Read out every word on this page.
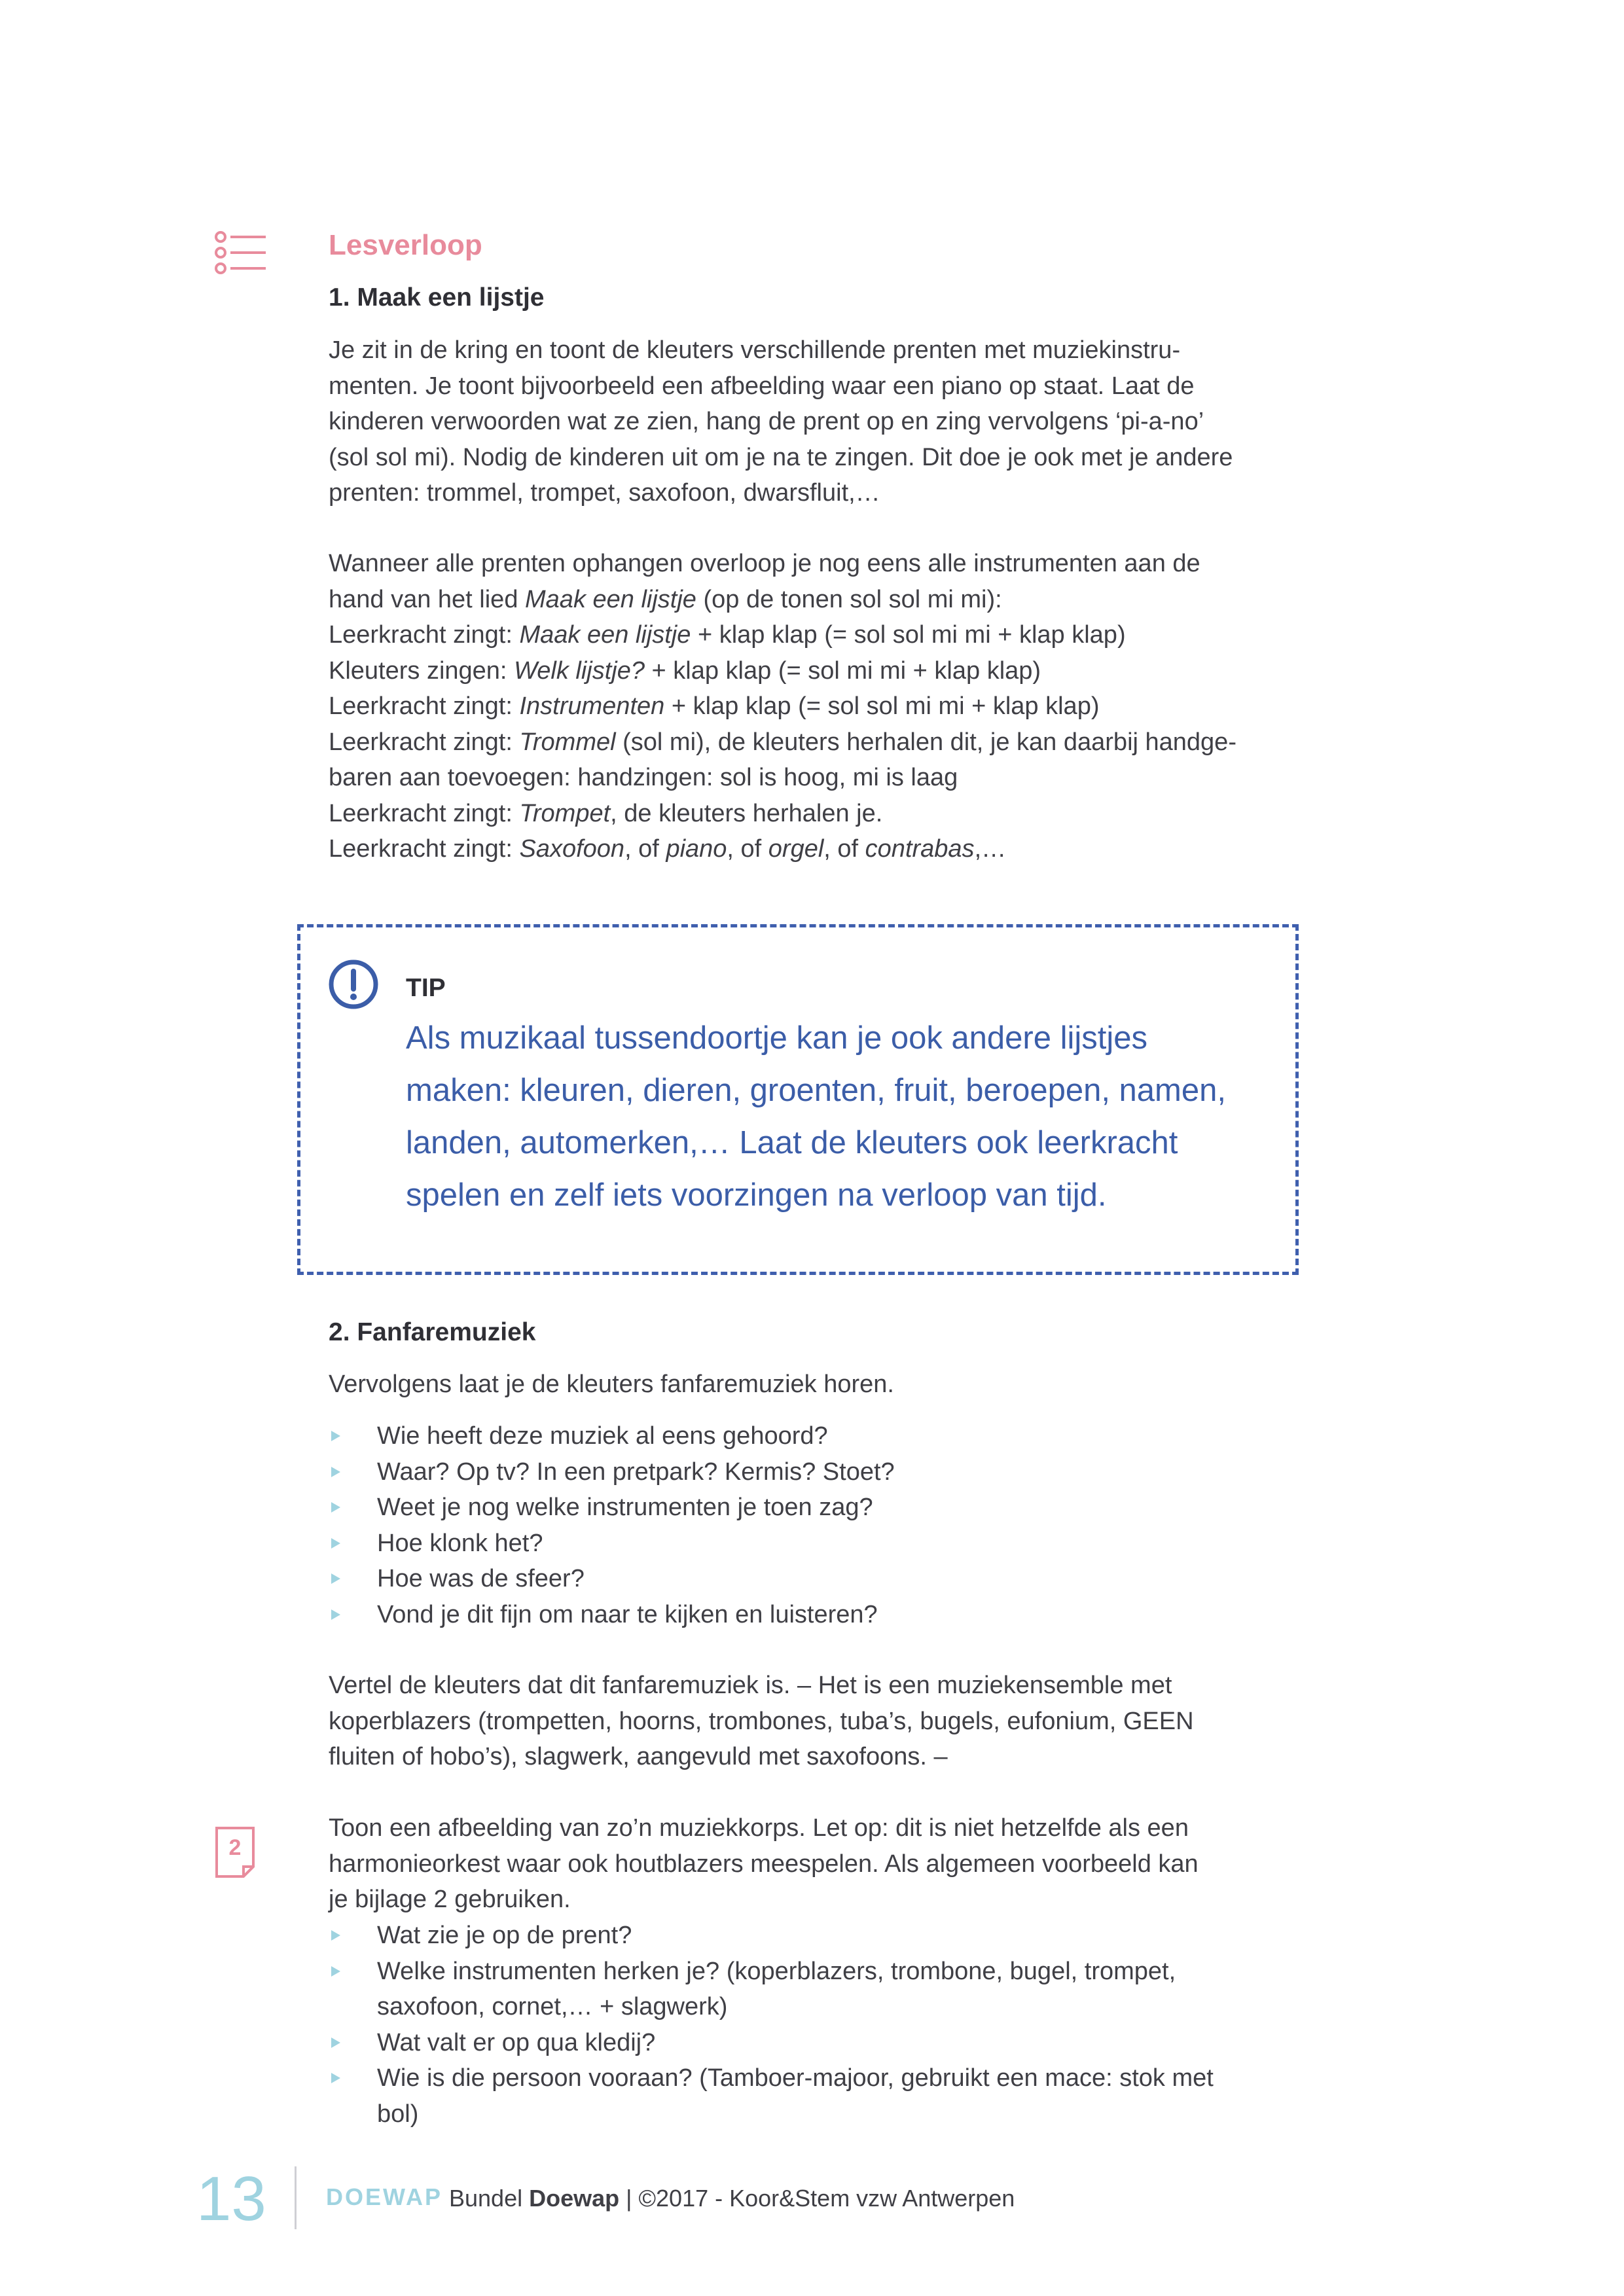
Lesverloop
1. Maak een lijstje

Je zit in de kring en toont de kleuters verschillende prenten met muziekinstru-

menten. Je toont bijvoorbeeld een afbeelding waar een piano op staat. Laat de

kinderen verwoorden wat ze zien, hang de prent op en zing vervolgens ‘pi-a-no’

(sol sol mi). Nodig de kinderen uit om je na te zingen. Dit doe je ook met je andere

prenten: trommel, trompet, saxofoon, dwarsfluit,…

Wanneer alle prenten ophangen overloop je nog eens alle instrumenten aan de

hand van het lied Maak een lijstje (op de tonen sol sol mi mi):

Leerkracht zingt: Maak een lijstje + klap klap (= sol sol mi mi + klap klap)

Kleuters zingen: Welk lijstje? + klap klap (= sol mi mi + klap klap)

Leerkracht zingt: Instrumenten + klap klap (= sol sol mi mi + klap klap)

Leerkracht zingt: Trommel (sol mi), de kleuters herhalen dit, je kan daarbij handge-

baren aan toevoegen: handzingen: sol is hoog, mi is laag

Leerkracht zingt: Trompet, de kleuters herhalen je.

Leerkracht zingt: Saxofoon, of piano, of orgel, of contrabas,…

TIP

Als muzikaal tussendoortje kan je ook andere lijstjes

maken: kleuren, dieren, groenten, fruit, beroepen, namen,

landen, automerken,… Laat de kleuters ook leerkracht

spelen en zelf iets voorzingen na verloop van tijd.

2. Fanfaremuziek
Vervolgens laat je de kleuters fanfaremuziek horen.
Wie heeft deze muziek al eens gehoord?
Waar? Op tv? In een pretpark? Kermis? Stoet?
Weet je nog welke instrumenten je toen zag?
Hoe klonk het?
Hoe was de sfeer?
Vond je dit fijn om naar te kijken en luisteren?

Vertel de kleuters dat dit fanfaremuziek is. – Het is een muziekensemble met

koperblazers (trompetten, hoorns, trombones, tuba’s, bugels, eufonium, GEEN

fluiten of hobo’s), slagwerk, aangevuld met saxofoons. –

2

Toon een afbeelding van zo’n muziekkorps. Let op: dit is niet hetzelfde als een

harmonieorkest waar ook houtblazers meespelen. Als algemeen voorbeeld kan

je bijlage 2 gebruiken.

Wat zie je op de prent?
Welke instrumenten herken je? (koperblazers, trombone, bugel, trompet,
saxofoon, cornet,… + slagwerk)
Wat valt er op qua kledij?
Wie is die persoon vooraan? (Tamboer-majoor, gebruikt een mace: stok met
bol)
13	DOEWAP Bundel Doewap | ©2017 - Koor&Stem vzw Antwerpen
